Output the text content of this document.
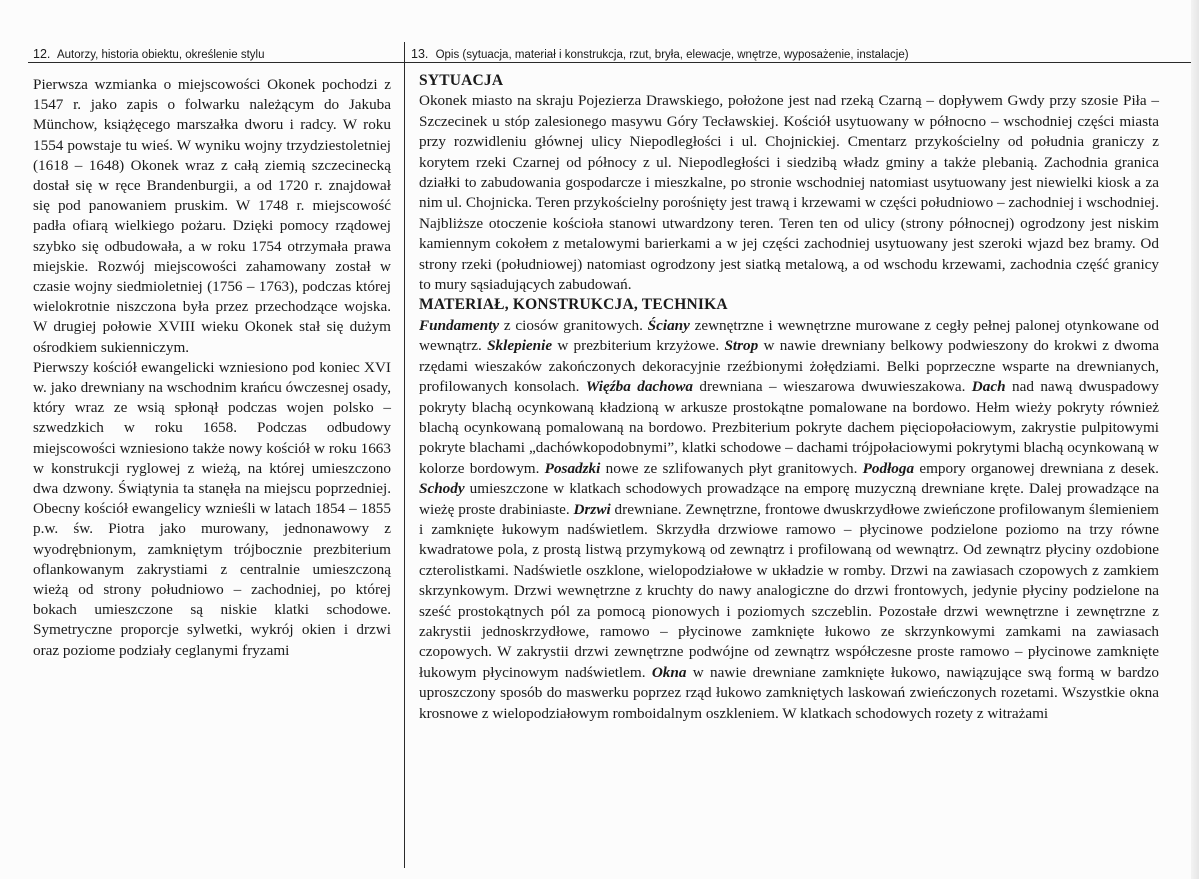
12. Autorzy, historia obiektu, określenie stylu

Pierwsza wzmianka o miejscowości Okonek pochodzi z 1547 r. jako zapis o folwarku należącym do Jakuba Münchow, książęcego marszałka dworu i radcy. W roku 1554 powstaje tu wieś. W wyniku wojny trzydziestoletniej (1618 – 1648) Okonek wraz z całą ziemią szczecinecką dostał się w ręce Brandenburgii, a od 1720 r. znajdował się pod panowaniem pruskim. W 1748 r. miejscowość padła ofiarą wielkiego pożaru. Dzięki pomocy rządowej szybko się odbudowała, a w roku 1754 otrzymała prawa miejskie. Rozwój miejscowości zahamowany został w czasie wojny siedmioletniej (1756 – 1763), podczas której wielokrotnie niszczona była przez przechodzące wojska. W drugiej połowie XVIII wieku Okonek stał się dużym ośrodkiem sukienniczym.

Pierwszy kościół ewangelicki wzniesiono pod koniec XVI w. jako drewniany na wschodnim krańcu ówczesnej osady, który wraz ze wsią spłonął podczas wojen polsko – szwedzkich w roku 1658. Podczas odbudowy miejscowości wzniesiono także nowy kościół w roku 1663 w konstrukcji ryglowej z wieżą, na której umieszczono dwa dzwony. Świątynia ta stanęła na miejscu poprzedniej. Obecny kościół ewangelicy wznieśli w latach 1854 – 1855 p.w. św. Piotra jako murowany, jednonawowy z wyodrębnionym, zamkniętym trójbocznie prezbiterium oflankowanym zakrystiami z centralnie umieszczoną wieżą od strony południowo – zachodniej, po której bokach umieszczone są niskie klatki schodowe. Symetryczne proporcje sylwetki, wykrój okien i drzwi oraz poziome podziały ceglanymi fryzami

13. Opis (sytuacja, materiał i konstrukcja, rzut, bryła, elewacje, wnętrze, wyposażenie, instalacje)
SYTUACJA

Okonek miasto na skraju Pojezierza Drawskiego, położone jest nad rzeką Czarną – dopływem Gwdy przy szosie Piła – Szczecinek u stóp zalesionego masywu Góry Tecławskiej. Kościół usytuowany w północno – wschodniej części miasta przy rozwidleniu głównej ulicy Niepodległości i ul. Chojnickiej. Cmentarz przykościelny od południa graniczy z korytem rzeki Czarnej od północy z ul. Niepodległości i siedzibą władz gminy a także plebanią. Zachodnia granica działki to zabudowania gospodarcze i mieszkalne, po stronie wschodniej natomiast usytuowany jest niewielki kiosk a za nim ul. Chojnicka. Teren przykościelny porośnięty jest trawą i krzewami w części południowo – zachodniej i wschodniej. Najbliższe otoczenie kościoła stanowi utwardzony teren. Teren ten od ulicy (strony północnej) ogrodzony jest niskim kamiennym cokołem z metalowymi barierkami a w jej części zachodniej usytuowany jest szeroki wjazd bez bramy. Od strony rzeki (południowej) natomiast ogrodzony jest siatką metalową, a od wschodu krzewami, zachodnia część granicy to mury sąsiadujących zabudowań.

MATERIAŁ, KONSTRUKCJA, TECHNIKA

Fundamenty z ciosów granitowych. Ściany zewnętrzne i wewnętrzne murowane z cegły pełnej palonej otynkowane od wewnątrz. Sklepienie w prezbiterium krzyżowe. Strop w nawie drewniany belkowy podwieszony do krokwi z dwoma rzędami wieszaków zakończonych dekoracyjnie rzeźbionymi żołędziami. Belki poprzeczne wsparte na drewnianych, profilowanych konsolach. Więźba dachowa drewniana – wieszarowa dwuwieszakowa. Dach nad nawą dwuspadowy pokryty blachą ocynkowaną kładzioną w arkusze prostokątne pomalowane na bordowo. Hełm wieży pokryty również blachą ocynkowaną pomalowaną na bordowo. Prezbiterium pokryte dachem pięciopołaciowym, zakrystie pulpitowymi pokryte blachami „dachówkopodobnymi”, klatki schodowe – dachami trójpołaciowymi pokrytymi blachą ocynkowaną w kolorze bordowym. Posadzki nowe ze szlifowanych płyt granitowych. Podłoga empory organowej drewniana z desek. Schody umieszczone w klatkach schodowych prowadzące na emporę muzyczną drewniane kręte. Dalej prowadzące na wieżę proste drabiniaste. Drzwi drewniane. Zewnętrzne, frontowe dwuskrzydłowe zwieńczone profilowanym ślemieniem i zamknięte łukowym nadświetlem. Skrzydła drzwiowe ramowo – płycinowe podzielone poziomo na trzy równe kwadratowe pola, z prostą listwą przymykową od zewnątrz i profilowaną od wewnątrz. Od zewnątrz płyciny ozdobione czterolistkami. Nadświetle oszklone, wielopodziałowe w układzie w romby. Drzwi na zawiasach czopowych z zamkiem skrzynkowym. Drzwi wewnętrzne z kruchty do nawy analogiczne do drzwi frontowych, jedynie płyciny podzielone na sześć prostokątnych pól za pomocą pionowych i poziomych szczeblin. Pozostałe drzwi wewnętrzne i zewnętrzne z zakrystii jednoskrzydłowe, ramowo – płycinowe zamknięte łukowo ze skrzynkowymi zamkami na zawiasach czopowych. W zakrystii drzwi zewnętrzne podwójne od zewnątrz współczesne proste ramowo – płycinowe zamknięte łukowym płycinowym nadświetlem. Okna w nawie drewniane zamknięte łukowo, nawiązujące swą formą w bardzo uproszczony sposób do maswerku poprzez rząd łukowo zamkniętych laskowań zwieńczonych rozetami. Wszystkie okna krosnowe z wielopodziałowym romboidalnym oszkleniem. W klatkach schodowych rozety z witrażami
